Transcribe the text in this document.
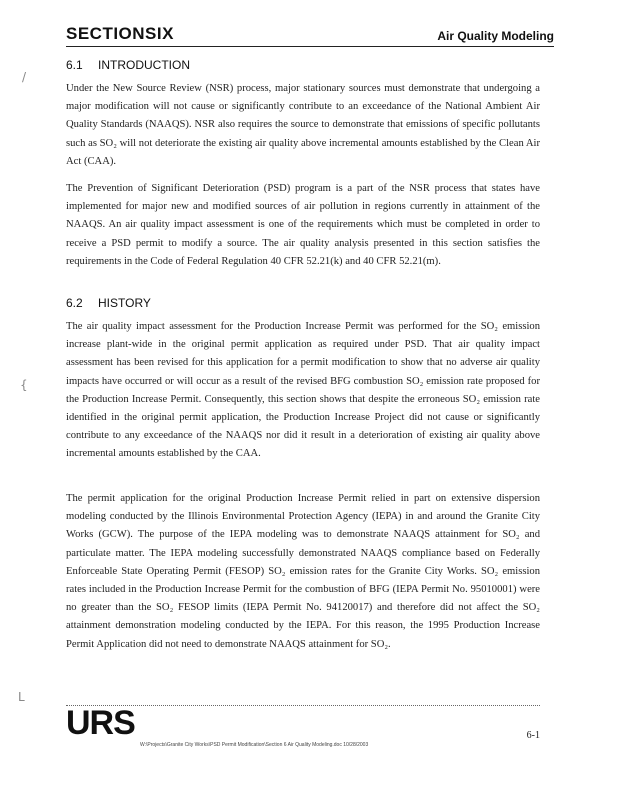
SECTIONSIX	Air Quality Modeling
/
6.1 INTRODUCTION

Under the New Source Review (NSR) process, major stationary sources must demonstrate that undergoing a major modification will not cause or significantly contribute to an exceedance of the National Ambient Air Quality Standards (NAAQS). NSR also requires the source to demonstrate that emissions of specific pollutants such as SO₂ will not deteriorate the existing air quality above incremental amounts established by the Clean Air Act (CAA).

The Prevention of Significant Deterioration (PSD) program is a part of the NSR process that states have implemented for major new and modified sources of air pollution in regions currently in attainment of the NAAQS. An air quality impact assessment is one of the requirements which must be completed in order to receive a PSD permit to modify a source. The air quality analysis presented in this section satisfies the requirements in the Code of Federal Regulation 40 CFR 52.21(k) and 40 CFR 52.21(m).

6.2 HISTORY
{

The air quality impact assessment for the Production Increase Permit was performed for the SO₂ emission increase plant-wide in the original permit application as required under PSD. That air quality impact assessment has been revised for this application for a permit modification to show that no adverse air quality impacts have occurred or will occur as a result of the revised BFG combustion SO₂ emission rate proposed for the Production Increase Permit. Consequently, this section shows that despite the erroneous SO₂ emission rate identified in the original permit application, the Production Increase Project did not cause or significantly contribute to any exceedance of the NAAQS nor did it result in a deterioration of existing air quality above incremental amounts established by the CAA.

The permit application for the original Production Increase Permit relied in part on extensive dispersion modeling conducted by the Illinois Environmental Protection Agency (IEPA) in and around the Granite City Works (GCW). The purpose of the IEPA modeling was to demonstrate NAAQS attainment for SO₂ and particulate matter. The IEPA modeling successfully demonstrated NAAQS compliance based on Federally Enforceable State Operating Permit (FESOP) SO₂ emission rates for the Granite City Works. SO₂ emission rates included in the Production Increase Permit for the combustion of BFG (IEPA Permit No. 95010001) were no greater than the SO₂ FESOP limits (IEPA Permit No. 94120017) and therefore did not affect the SO₂ attainment demonstration modeling conducted by the IEPA. For this reason, the 1995 Production Increase Permit Application did not need to demonstrate NAAQS attainment for SO₂.

L
URS	6-1
W:\Projects\Granite City Works\PSD Permit Modification\Section 6 Air Quality Modeling.doc 10/28/2003
